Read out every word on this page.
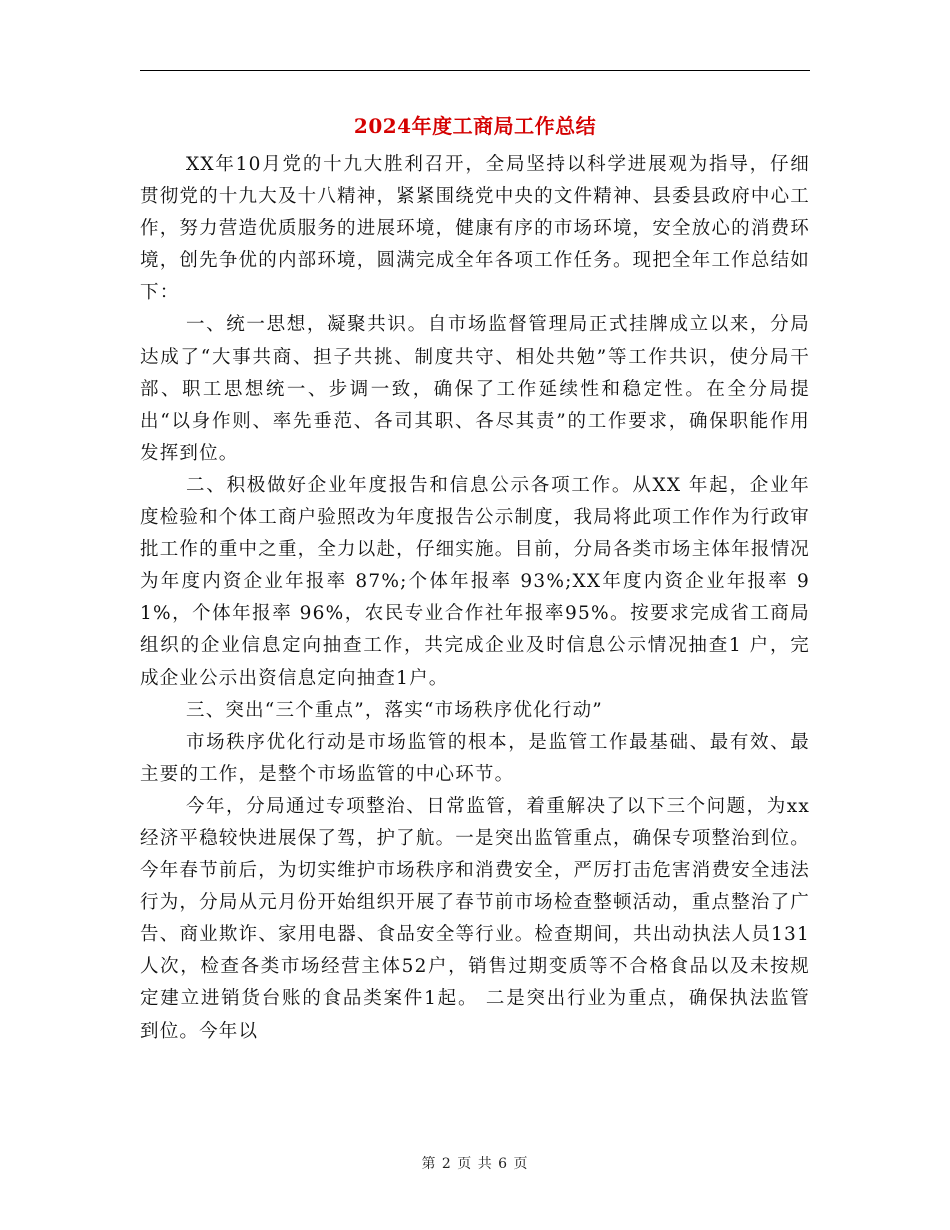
2024年度工商局工作总结

XX年10月党的十九大胜利召开，全局坚持以科学进展观为指导，仔细贯彻党的十九大及十八精神，紧紧围绕党中央的文件精神、县委县政府中心工作，努力营造优质服务的进展环境，健康有序的市场环境，安全放心的消费环境，创先争优的内部环境，圆满完成全年各项工作任务。现把全年工作总结如下：

一、统一思想，凝聚共识。自市场监督管理局正式挂牌成立以来，分局达成了“大事共商、担子共挑、制度共守、相处共勉”等工作共识，使分局干部、职工思想统一、步调一致，确保了工作延续性和稳定性。在全分局提出“以身作则、率先垂范、各司其职、各尽其责”的工作要求，确保职能作用发挥到位。

二、积极做好企业年度报告和信息公示各项工作。从XX 年起，企业年度检验和个体工商户验照改为年度报告公示制度，我局将此项工作作为行政审批工作的重中之重，全力以赴，仔细实施。目前，分局各类市场主体年报情况为年度内资企业年报率 87%;个体年报率 93%;XX年度内资企业年报率 91%，个体年报率 96%，农民专业合作社年报率95%。按要求完成省工商局组织的企业信息定向抽查工作，共完成企业及时信息公示情况抽查1 户，完成企业公示出资信息定向抽查1户。

三、突出“三个重点”，落实“市场秩序优化行动”

市场秩序优化行动是市场监管的根本，是监管工作最基础、最有效、最主要的工作，是整个市场监管的中心环节。

今年，分局通过专项整治、日常监管，着重解决了以下三个问题，为xx经济平稳较快进展保了驾，护了航。一是突出监管重点，确保专项整治到位。今年春节前后，为切实维护市场秩序和消费安全，严厉打击危害消费安全违法行为，分局从元月份开始组织开展了春节前市场检查整顿活动，重点整治了广告、商业欺诈、家用电器、食品安全等行业。检查期间，共出动执法人员131人次，检查各类市场经营主体52户，销售过期变质等不合格食品以及未按规定建立进销货台账的食品类案件1起。 二是突出行业为重点，确保执法监管到位。今年以

第 2 页 共 6 页
